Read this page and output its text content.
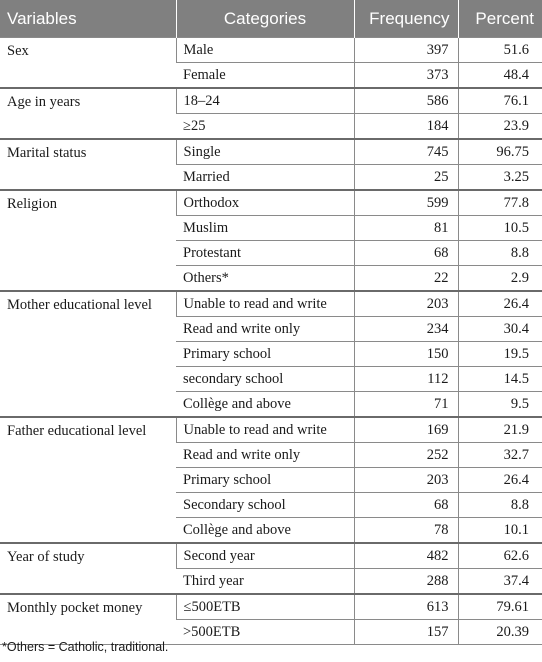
Variables	Categories	Frequency	Percent
Sex	Male	397	51.6
	Female	373	48.4
Age in years	18–24	586	76.1
	≥25	184	23.9
Marital status	Single	745	96.75
	Married	25	3.25
Religion	Orthodox	599	77.8
	Muslim	81	10.5
	Protestant	68	8.8
	Others*	22	2.9
Mother educational level	Unable to read and write	203	26.4
	Read and write only	234	30.4
	Primary school	150	19.5
	secondary school	112	14.5
	Collège and above	71	9.5
Father educational level	Unable to read and write	169	21.9
	Read and write only	252	32.7
	Primary school	203	26.4
	Secondary school	68	8.8
	Collège and above	78	10.1
Year of study	Second year	482	62.6
	Third year	288	37.4
Monthly pocket money	≤500ETB	613	79.61
	>500ETB	157	20.39
*Others = Catholic, traditional.
